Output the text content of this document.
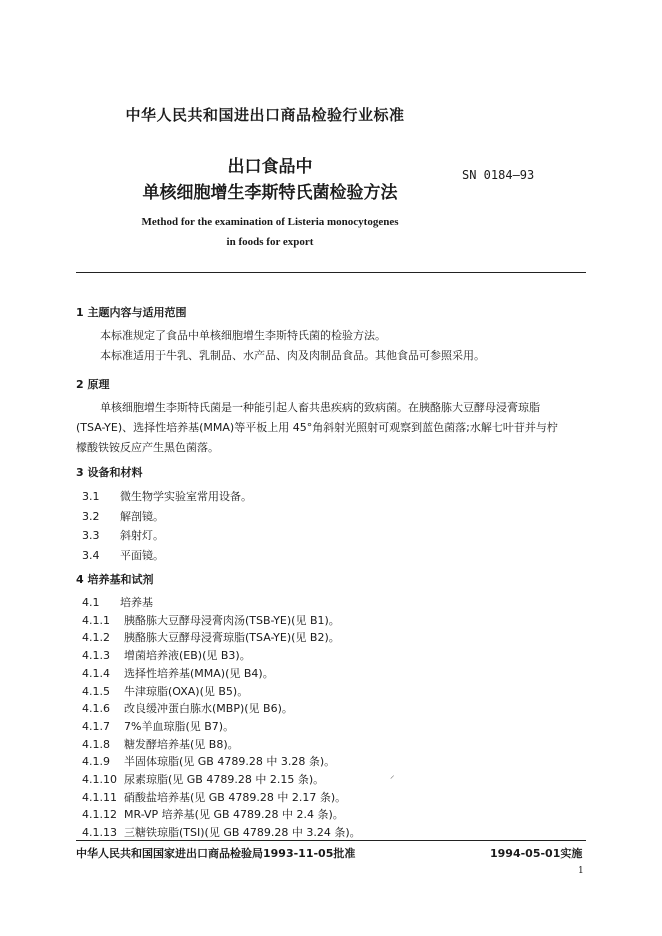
中华人民共和国进出口商品检验行业标准
出口食品中
单核细胞增生李斯特氏菌检验方法
SN 0184—93
Method for the examination of Listeria monocytogenes
in foods for export
1 主题内容与适用范围
本标准规定了食品中单核细胞增生李斯特氏菌的检验方法。
本标准适用于牛乳、乳制品、水产品、肉及肉制品食品。其他食品可参照采用。
2 原理
单核细胞增生李斯特氏菌是一种能引起人畜共患疾病的致病菌。在胰酪胨大豆酵母浸膏琼脂
(TSA-YE)、选择性培养基(MMA)等平板上用 45°角斜射光照射可观察到蓝色菌落;水解七叶苷并与柠
檬酸铁铵反应产生黑色菌落。
3 设备和材料
3.1 微生物学实验室常用设备。
3.2 解剖镜。
3.3 斜射灯。
3.4 平面镜。
4 培养基和试剂
4.1 培养基
4.1.1 胰酪胨大豆酵母浸膏肉汤(TSB-YE)(见 B1)。
4.1.2 胰酪胨大豆酵母浸膏琼脂(TSA-YE)(见 B2)。
4.1.3 增菌培养液(EB)(见 B3)。
4.1.4 选择性培养基(MMA)(见 B4)。
4.1.5 牛津琼脂(OXA)(见 B5)。
4.1.6 改良缓冲蛋白胨水(MBP)(见 B6)。
4.1.7 7%羊血琼脂(见 B7)。
4.1.8 糖发酵培养基(见 B8)。
4.1.9 半固体琼脂(见 GB 4789.28 中 3.28 条)。
4.1.10 尿素琼脂(见 GB 4789.28 中 2.15 条)。
4.1.11 硝酸盐培养基(见 GB 4789.28 中 2.17 条)。
4.1.12 MR-VP 培养基(见 GB 4789.28 中 2.4 条)。
4.1.13 三糖铁琼脂(TSI)(见 GB 4789.28 中 3.24 条)。
⸝
中华人民共和国国家进出口商品检验局1993-11-05批准	1994-05-01实施
1
